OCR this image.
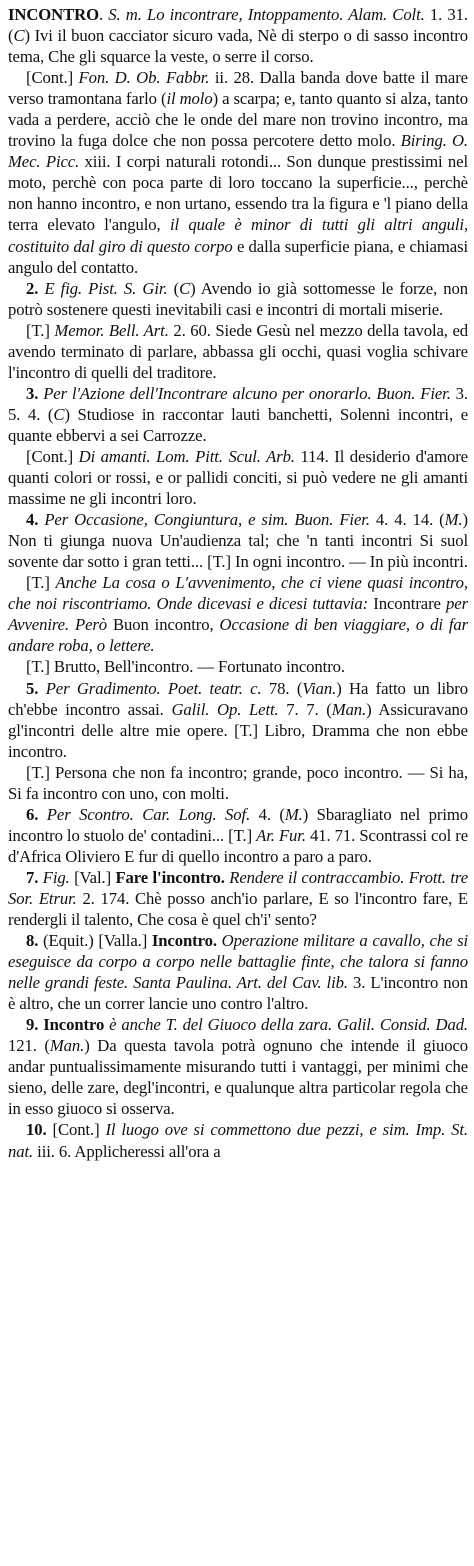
INCONTRO. S. m. Lo incontrare, Intoppamento. Alam. Colt. 1. 31. (C) Ivi il buon cacciator sicuro vada, Nè di sterpo o di sasso incontro tema, Che gli squarce la veste, o serre il corso.

[Cont.] Fon. D. Ob. Fabbr. ii. 28. Dalla banda dove batte il mare verso tramontana farlo (il molo) a scarpa; e, tanto quanto si alza, tanto vada a perdere, acciò che le onde del mare non trovino incontro, ma trovino la fuga dolce che non possa percotere detto molo. Biring. O. Mec. Picc. xiii. I corpi naturali rotondi... Son dunque prestissimi nel moto, perchè con poca parte di loro toccano la superficie..., perchè non hanno incontro, e non urtano, essendo tra la figura e 'l piano della terra elevato l'angulo, il quale è minor di tutti gli altri anguli, costituito dal giro di questo corpo e dalla superficie piana, e chiamasi angulo del contatto.

2. E fig. Pist. S. Gir. (C) Avendo io già sottomesse le forze, non potrò sostenere questi inevitabili casi e incontri di mortali miserie.

[T.] Memor. Bell. Art. 2. 60. Siede Gesù nel mezzo della tavola, ed avendo terminato di parlare, abbassa gli occhi, quasi voglia schivare l'incontro di quelli del traditore.

3. Per l'Azione dell'Incontrare alcuno per onorarlo. Buon. Fier. 3. 5. 4. (C) Studiose in raccontar lauti banchetti, Solenni incontri, e quante ebbervi a sei Carrozze.

[Cont.] Di amanti. Lom. Pitt. Scul. Arb. 114. Il desiderio d'amore quanti colori or rossi, e or pallidi conciti, si può vedere ne gli amanti massime ne gli incontri loro.

4. Per Occasione, Congiuntura, e sim. Buon. Fier. 4. 4. 14. (M.) Non ti giunga nuova Un'audienza tal; che 'n tanti incontri Si suol sovente dar sotto i gran tetti... [T.] In ogni incontro. — In più incontri.

[T.] Anche La cosa o L'avvenimento, che ci viene quasi incontro, che noi riscontriamo. Onde dicevasi e dicesi tuttavia: Incontrare per Avvenire. Però Buon incontro, Occasione di ben viaggiare, o di far andare roba, o lettere.

[T.] Brutto, Bell'incontro. — Fortunato incontro.

5. Per Gradimento. Poet. teatr. c. 78. (Vian.) Ha fatto un libro ch'ebbe incontro assai. Galil. Op. Lett. 7. 7. (Man.) Assicuravano gl'incontri delle altre mie opere. [T.] Libro, Dramma che non ebbe incontro.

[T.] Persona che non fa incontro; grande, poco incontro. — Si ha, Si fa incontro con uno, con molti.

6. Per Scontro. Car. Long. Sof. 4. (M.) Sbaragliato nel primo incontro lo stuolo de' contadini... [T.] Ar. Fur. 41. 71. Scontrassi col re d'Africa Oliviero E fur di quello incontro a paro a paro.

7. Fig. [Val.] Fare l'incontro. Rendere il contraccambio. Frott. tre Sor. Etrur. 2. 174. Chè posso anch'io parlare, E so l'incontro fare, E rendergli il talento, Che cosa è quel ch'i' sento?

8. (Equit.) [Valla.] Incontro. Operazione militare a cavallo, che si eseguisce da corpo a corpo nelle battaglie finte, che talora si fanno nelle grandi feste. Santa Paulina. Art. del Cav. lib. 3. L'incontro non è altro, che un correr lancie uno contro l'altro.

9. Incontro è anche T. del Giuoco della zara. Galil. Consid. Dad. 121. (Man.) Da questa tavola potrà ognuno che intende il giuoco andar puntualissimamente misurando tutti i vantaggi, per minimi che sieno, delle zare, degl'incontri, e qualunque altra particolar regola che in esso giuoco si osserva.

10. [Cont.] Il luogo ove si commettono due pezzi, e sim. Imp. St. nat. iii. 6. Applicheressi all'ora a
